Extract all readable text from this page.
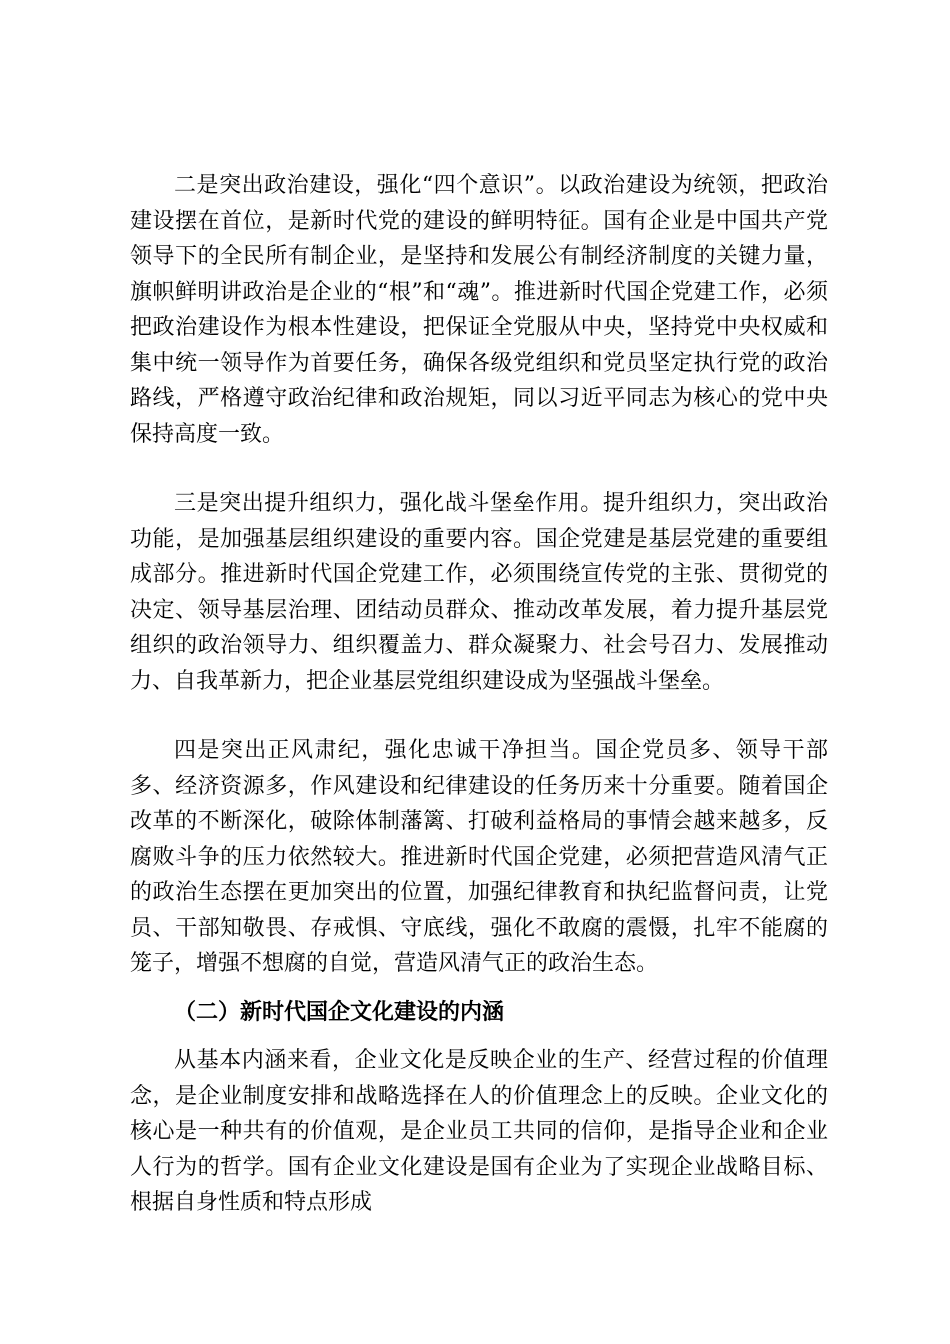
二是突出政治建设，强化“四个意识”。以政治建设为统领，把政治建设摆在首位，是新时代党的建设的鲜明特征。国有企业是中国共产党领导下的全民所有制企业，是坚持和发展公有制经济制度的关键力量，旗帜鲜明讲政治是企业的“根”和“魂”。推进新时代国企党建工作，必须把政治建设作为根本性建设，把保证全党服从中央，坚持党中央权威和集中统一领导作为首要任务，确保各级党组织和党员坚定执行党的政治路线，严格遵守政治纪律和政治规矩，同以习近平同志为核心的党中央保持高度一致。

三是突出提升组织力，强化战斗堡垒作用。提升组织力，突出政治功能，是加强基层组织建设的重要内容。国企党建是基层党建的重要组成部分。推进新时代国企党建工作，必须围绕宣传党的主张、贯彻党的决定、领导基层治理、团结动员群众、推动改革发展，着力提升基层党组织的政治领导力、组织覆盖力、群众凝聚力、社会号召力、发展推动力、自我革新力，把企业基层党组织建设成为坚强战斗堡垒。

四是突出正风肃纪，强化忠诚干净担当。国企党员多、领导干部多、经济资源多，作风建设和纪律建设的任务历来十分重要。随着国企改革的不断深化，破除体制藩篱、打破利益格局的事情会越来越多，反腐败斗争的压力依然较大。推进新时代国企党建，必须把营造风清气正的政治生态摆在更加突出的位置，加强纪律教育和执纪监督问责，让党员、干部知敬畏、存戒惧、守底线，强化不敢腐的震慑，扎牢不能腐的笼子，增强不想腐的自觉，营造风清气正的政治生态。

（二）新时代国企文化建设的内涵

从基本内涵来看，企业文化是反映企业的生产、经营过程的价值理念，是企业制度安排和战略选择在人的价值理念上的反映。企业文化的核心是一种共有的价值观，是企业员工共同的信仰，是指导企业和企业人行为的哲学。国有企业文化建设是国有企业为了实现企业战略目标、根据自身性质和特点形成
